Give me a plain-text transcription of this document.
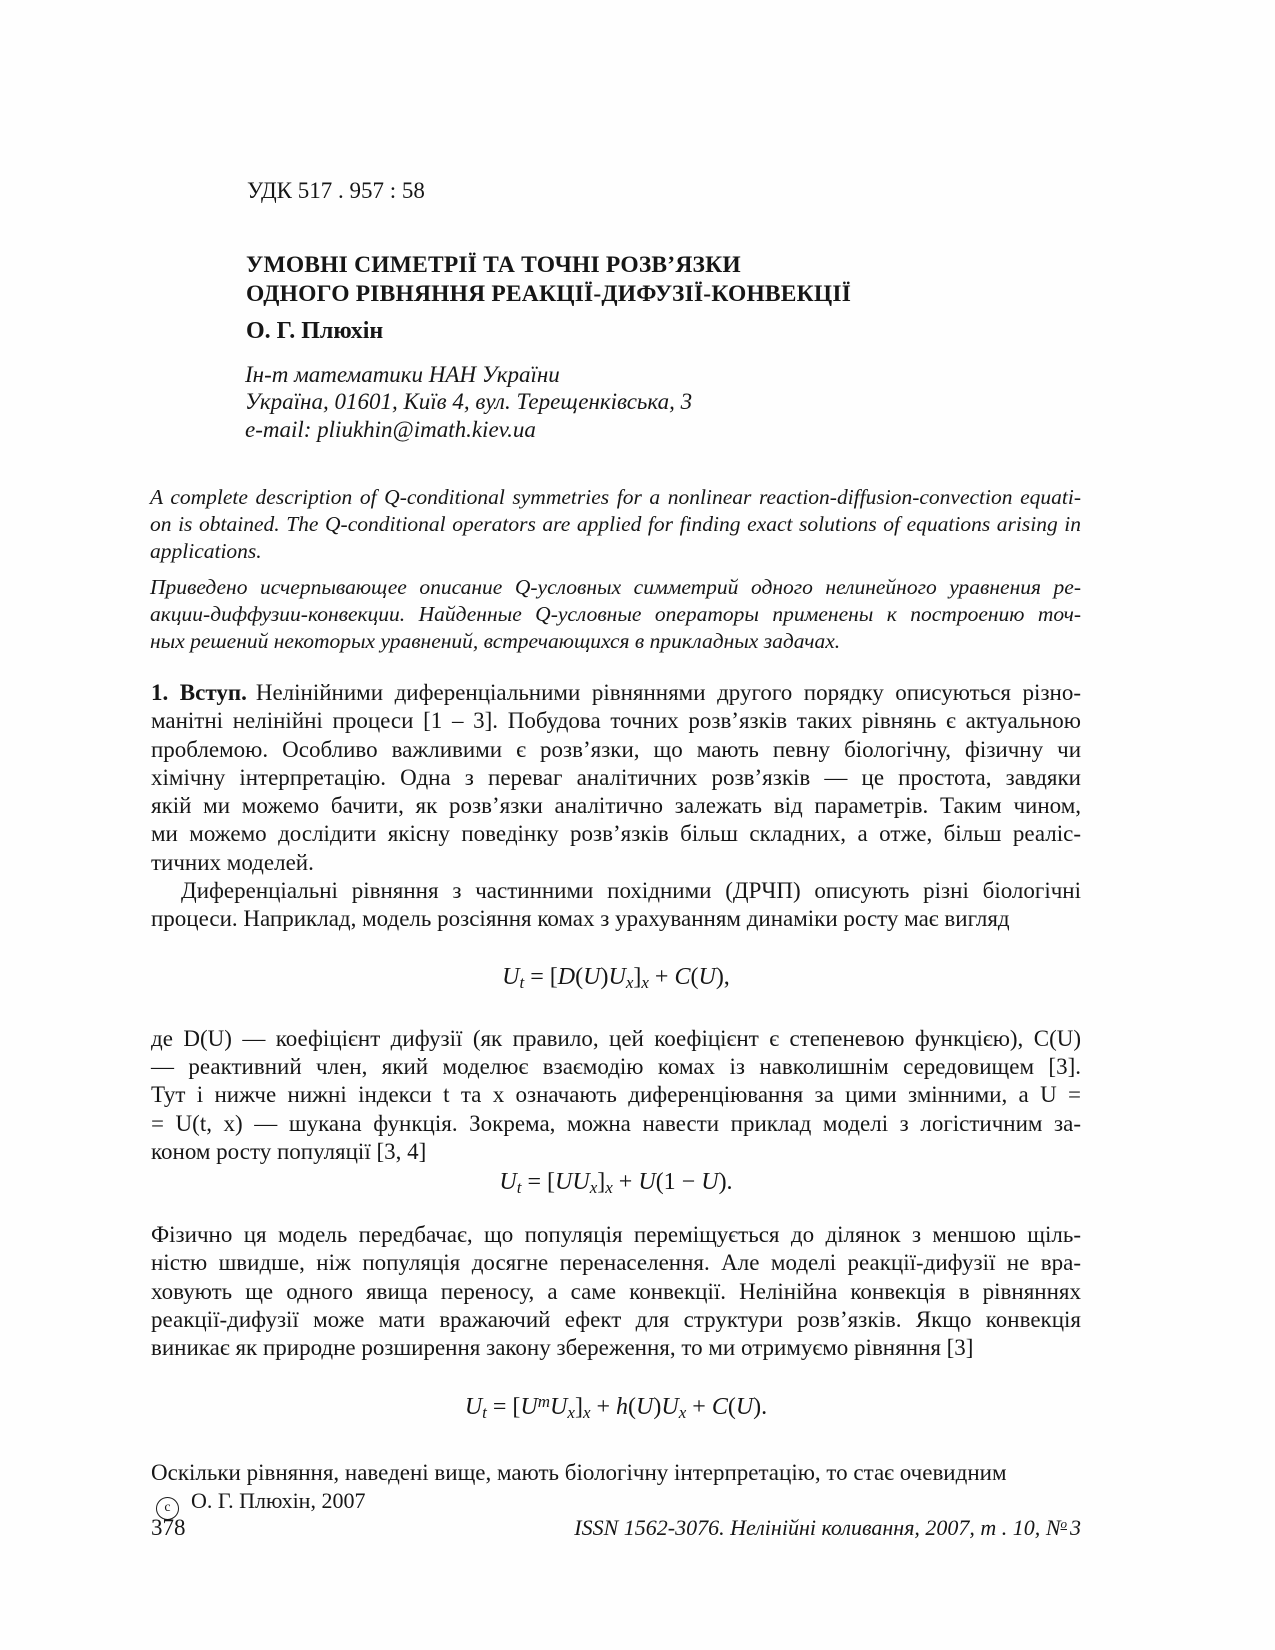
УДК 517 . 957 : 58
УМОВНІ СИМЕТРІЇ ТА ТОЧНІ РОЗВ’ЯЗКИ
ОДНОГО РІВНЯННЯ РЕАКЦІЇ-ДИФУЗІЇ-КОНВЕКЦІЇ
О. Г. Плюхін
Ін-т математики НАН України
Україна, 01601, Київ 4, вул. Терещенківська, 3
e-mail: pliukhin@imath.kiev.ua
A complete description of Q-conditional symmetries for a nonlinear reaction-diffusion-convection equati-
on is obtained. The Q-conditional operators are applied for finding exact solutions of equations arising in
applications.
Приведено исчерпывающее описание Q-условных симметрий одного нелинейного уравнения ре-
акции-диффузии-конвекции. Найденные Q-условные операторы применены к построению точ-
ных решений некоторых уравнений, встречающихся в прикладных задачах.
1. Вступ. Нелінійними диференціальними рівняннями другого порядку описуються різно-
манітні нелінійні процеси [1 – 3]. Побудова точних розв’язків таких рівнянь є актуальною
проблемою. Особливо важливими є розв’язки, що мають певну біологічну, фізичну чи
хімічну інтерпретацію. Одна з переваг аналітичних розв’язків — це простота, завдяки
якій ми можемо бачити, як розв’язки аналітично залежать від параметрів. Таким чином,
ми можемо дослідити якісну поведінку розв’язків більш складних, а отже, більш реаліс-
тичних моделей.
Диференціальні рівняння з частинними похідними (ДРЧП) описують різні біологічні
процеси. Наприклад, модель розсіяння комах з урахуванням динаміки росту має вигляд
Ut = [D(U)Ux]x + C(U),
де D(U) — коефіцієнт дифузії (як правило, цей коефіцієнт є степеневою функцією), C(U)
— реактивний член, який моделює взаємодію комах із навколишнім середовищем [3].
Тут і нижче нижні індекси t та x означають диференціювання за цими змінними, а U =
= U(t, x) — шукана функція. Зокрема, можна навести приклад моделі з логістичним за-
коном росту популяції [3, 4]
Ut = [UUx]x + U(1 − U).
Фізично ця модель передбачає, що популяція переміщується до ділянок з меншою щіль-
ністю швидше, ніж популяція досягне перенаселення. Але моделі реакції-дифузії не вра-
ховують ще одного явища переносу, а саме конвекції. Нелінійна конвекція в рівняннях
реакції-дифузії може мати вражаючий ефект для структури розв’язків. Якщо конвекція
виникає як природне розширення закону збереження, то ми отримуємо рівняння [3]
$Ut = [U^mUx]x + h(U)Ux + C(U)$.
Оскільки рівняння, наведені вище, мають біологічну інтерпретацію, то стає очевидним
c О. Г. Плюхін, 2007
378	ISSN 1562-3076. Нелінійні коливання, 2007, т . 10, No 3
